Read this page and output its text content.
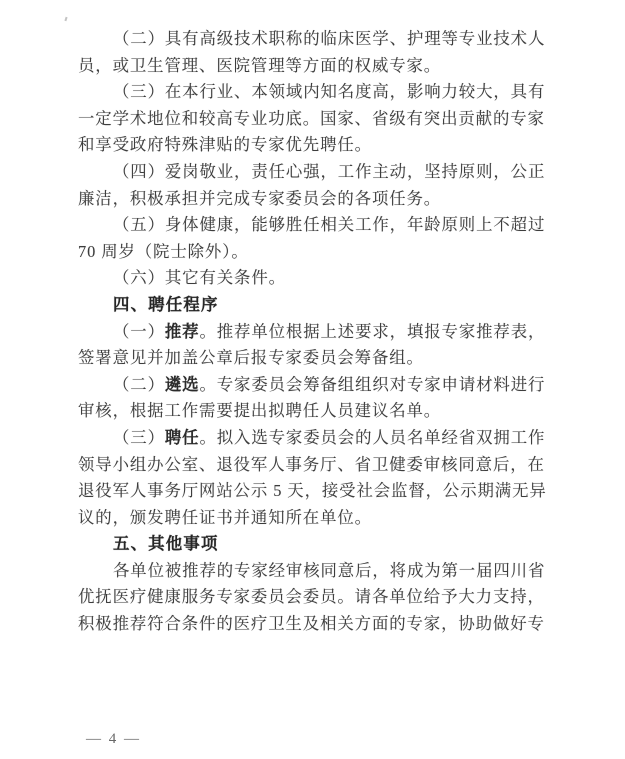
（二）具有高级技术职称的临床医学、护理等专业技术人
员，或卫生管理、医院管理等方面的权威专家。
（三）在本行业、本领域内知名度高，影响力较大，具有
一定学术地位和较高专业功底。国家、省级有突出贡献的专家
和享受政府特殊津贴的专家优先聘任。
（四）爱岗敬业，责任心强，工作主动，坚持原则，公正
廉洁，积极承担并完成专家委员会的各项任务。
（五）身体健康，能够胜任相关工作，年龄原则上不超过
70 周岁（院士除外）。
（六）其它有关条件。
四、聘任程序
（一）推荐。推荐单位根据上述要求，填报专家推荐表，
签署意见并加盖公章后报专家委员会筹备组。
（二）遴选。专家委员会筹备组组织对专家申请材料进行
审核，根据工作需要提出拟聘任人员建议名单。
（三）聘任。拟入选专家委员会的人员名单经省双拥工作
领导小组办公室、退役军人事务厅、省卫健委审核同意后，在
退役军人事务厅网站公示 5 天，接受社会监督，公示期满无异
议的，颁发聘任证书并通知所在单位。
五、其他事项
各单位被推荐的专家经审核同意后，将成为第一届四川省
优抚医疗健康服务专家委员会委员。请各单位给予大力支持，
积极推荐符合条件的医疗卫生及相关方面的专家，协助做好专
— 4 —
